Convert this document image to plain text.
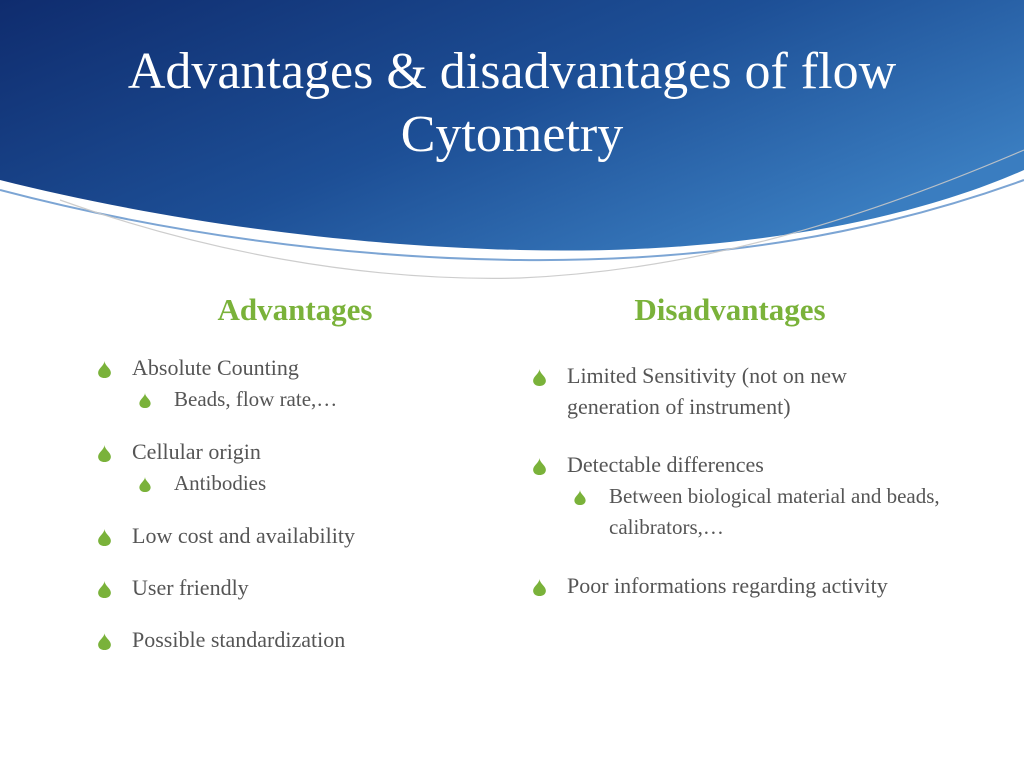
Advantages & disadvantages of flow
Cytometry
Advantages	Disadvantages
Absolute Counting
Beads, flow rate,…
Cellular origin
Antibodies
Low cost and availability
User friendly
Possible standardization
Limited Sensitivity (not on new generation of instrument)
Detectable differences
Between biological material and beads, calibrators,…
Poor informations regarding activity
